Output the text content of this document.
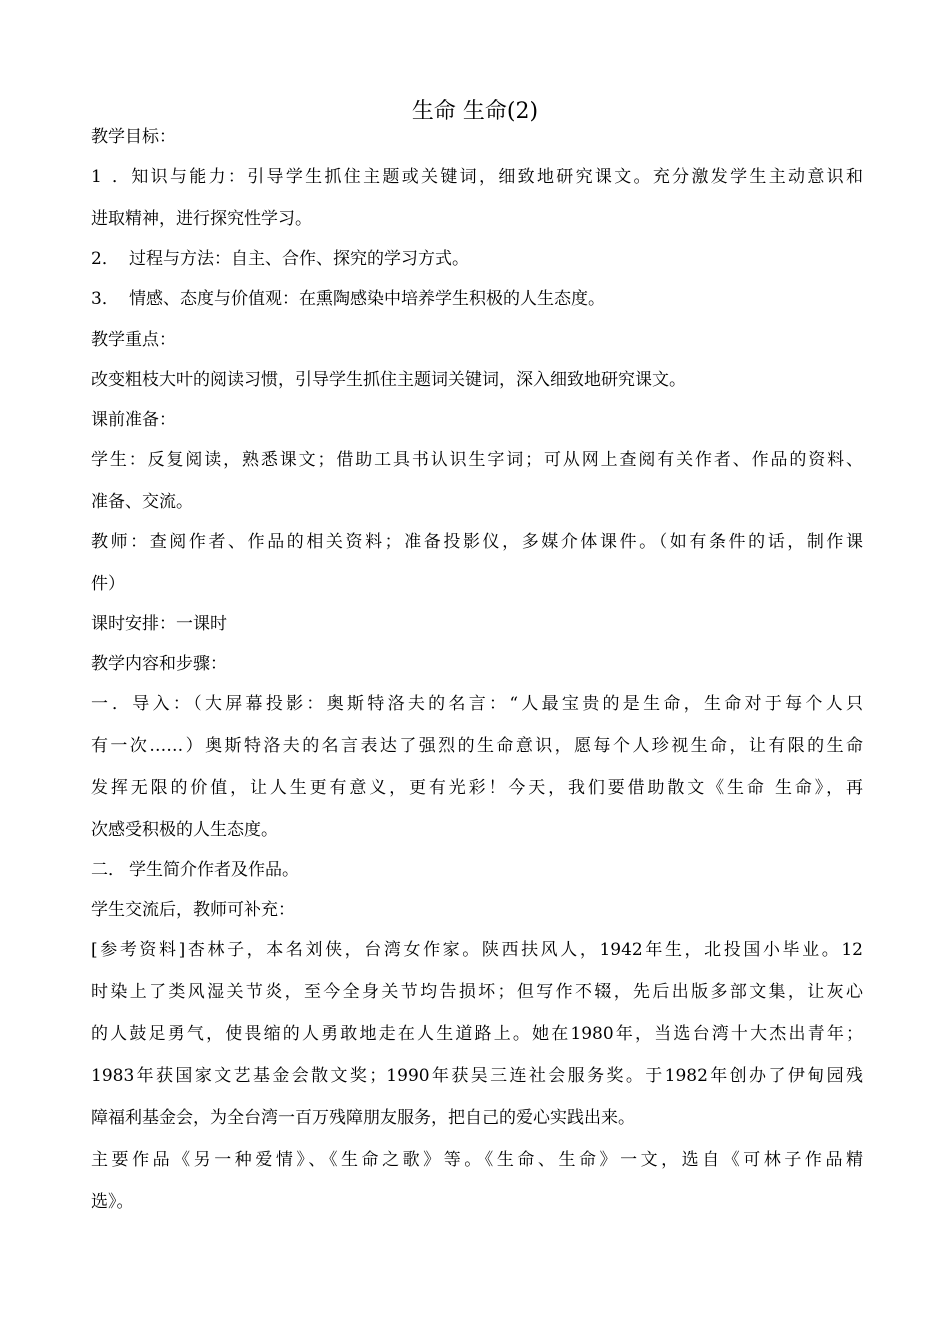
生命 生命(2)

教学目标：

1．知识与能力：引导学生抓住主题或关键词，细致地研究课文。充分激发学生主动意识和

进取精神，进行探究性学习。

2． 过程与方法：自主、合作、探究的学习方式。

3． 情感、态度与价值观：在熏陶感染中培养学生积极的人生态度。

教学重点：

改变粗枝大叶的阅读习惯，引导学生抓住主题词关键词，深入细致地研究课文。

课前准备：

学生：反复阅读，熟悉课文；借助工具书认识生字词；可从网上查阅有关作者、作品的资料、

准备、交流。

教师：查阅作者、作品的相关资料；准备投影仪，多媒介体课件。（如有条件的话，制作课

件）

课时安排：一课时

教学内容和步骤：

一．导入：（大屏幕投影：奥斯特洛夫的名言：“人最宝贵的是生命，生命对于每个人只

有一次……）奥斯特洛夫的名言表达了强烈的生命意识，愿每个人珍视生命，让有限的生命

发挥无限的价值，让人生更有意义，更有光彩！今天，我们要借助散文《生命 生命》，再

次感受积极的人生态度。

二． 学生简介作者及作品。

学生交流后，教师可补充：

[参考资料]杏林子，本名刘侠，台湾女作家。陕西扶风人，1942年生，北投国小毕业。12

时染上了类风湿关节炎，至今全身关节均告损坏；但写作不辍，先后出版多部文集，让灰心

的人鼓足勇气，使畏缩的人勇敢地走在人生道路上。她在1980年，当选台湾十大杰出青年；

1983年获国家文艺基金会散文奖；1990年获吴三连社会服务奖。于1982年创办了伊甸园残

障福利基金会，为全台湾一百万残障朋友服务，把自己的爱心实践出来。

主要作品《另一种爱情》、《生命之歌》等。《生命、生命》一文，选自《可林子作品精

选》。
